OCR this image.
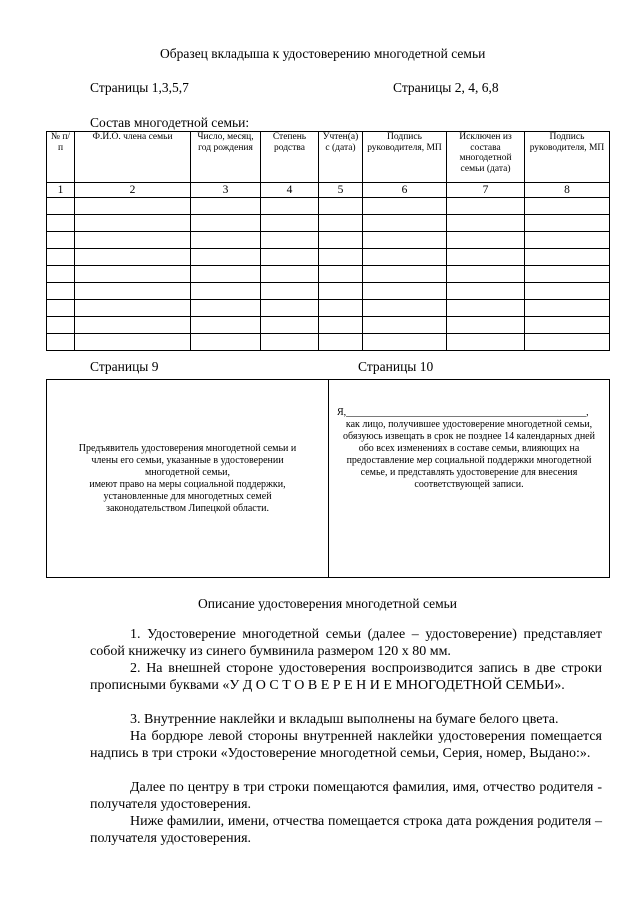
Образец вкладыша к удостоверению многодетной семьи
Страницы 1,3,5,7	Страницы 2, 4, 6,8
Состав многодетной семьи:
№ п/п	Ф.И.О. члена семьи	Число, месяц, год рождения	Степень родства	Учтен(а) с (дата)	Подпись руководителя, МП	Исключен из состава многодетной семьи (дата)	Подпись руководителя, МП
1	2	3	4	5	6	7	8

Страницы 9	Страницы 10
Предъявитель удостоверения многодетной семьи и
члены его семьи, указанные в удостоверении
многодетной семьи,
имеют право на меры социальной поддержки,
установленные для многодетных семей
законодательством Липецкой области.
Я,________________________________________________,
как лицо, получившее удостоверение многодетной семьи, обязуюсь извещать в срок не позднее 14 календарных дней обо всех изменениях в составе семьи, влияющих на предоставление мер социальной поддержки многодетной семье, и представлять удостоверение для внесения соответствующей записи.
Описание удостоверения многодетной семьи
1. Удостоверение многодетной семьи (далее – удостоверение) представляет собой книжечку из синего бумвинила размером 120 х 80 мм.
2. На внешней стороне удостоверения воспроизводится запись в две строки прописными буквами «У Д О С Т О В Е Р Е Н И Е МНОГОДЕТНОЙ СЕМЬИ».
3. Внутренние наклейки и вкладыш выполнены на бумаге белого цвета.
На бордюре левой стороны внутренней наклейки удостоверения помещается надпись в три строки «Удостоверение многодетной семьи, Серия, номер, Выдано:».
Далее по центру в три строки помещаются фамилия, имя, отчество родителя - получателя удостоверения.
Ниже фамилии, имени, отчества помещается строка дата рождения родителя – получателя удостоверения.
